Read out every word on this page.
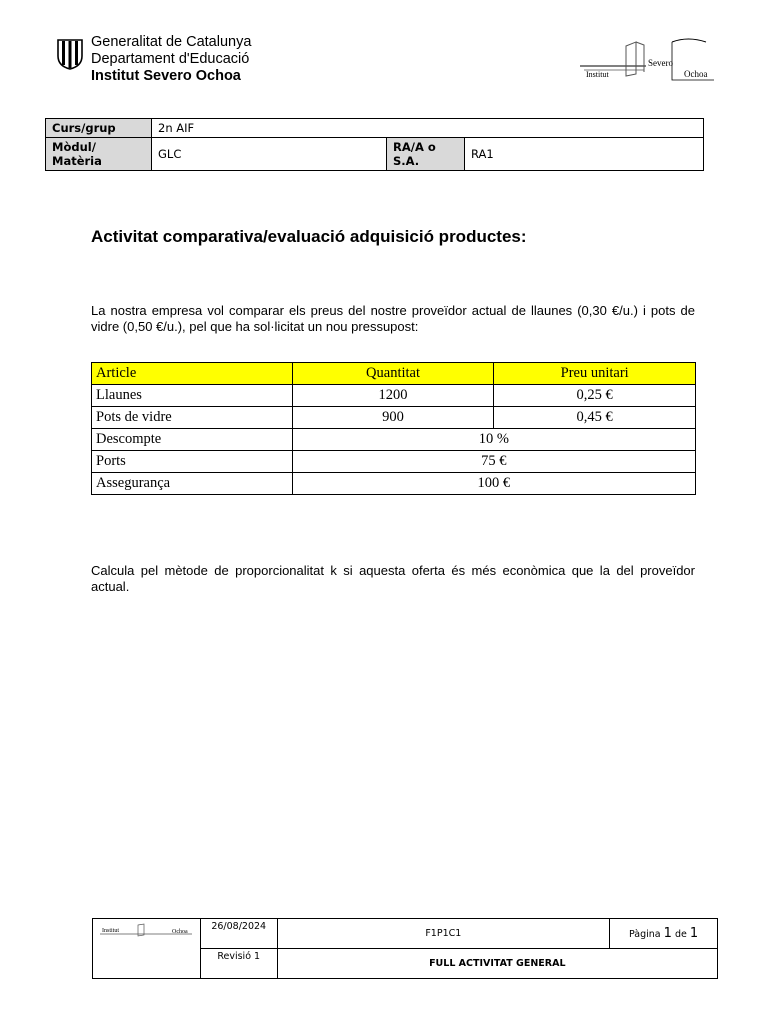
Generalitat de Catalunya
Departament d'Educació
Institut Severo Ochoa	Institut
Severo
Ochoa
Curs/grup	2n AIF		
Mòdul/ Matèria	GLC	RA/A o S.A.	RA1
Activitat comparativa/evaluació adquisició productes:
La nostra empresa vol comparar els preus del nostre proveïdor actual de llaunes (0,30 €/u.) i pots de vidre (0,50 €/u.), pel que ha sol·licitat un nou pressupost:
Article	Quantitat	Preu unitari
Llaunes	1200	0,25 €
Pots de vidre	900	0,45 €
Descompte	10 %	
Ports	75 €	
Assegurança	100 €	
Calcula pel mètode de proporcionalitat k si aquesta oferta és més econòmica que la del proveïdor actual.
Institut Ochoa	26/08/2024	F1P1C1	Pàgina 1 de 1
	Revisió 1	FULL ACTIVITAT GENERAL	
